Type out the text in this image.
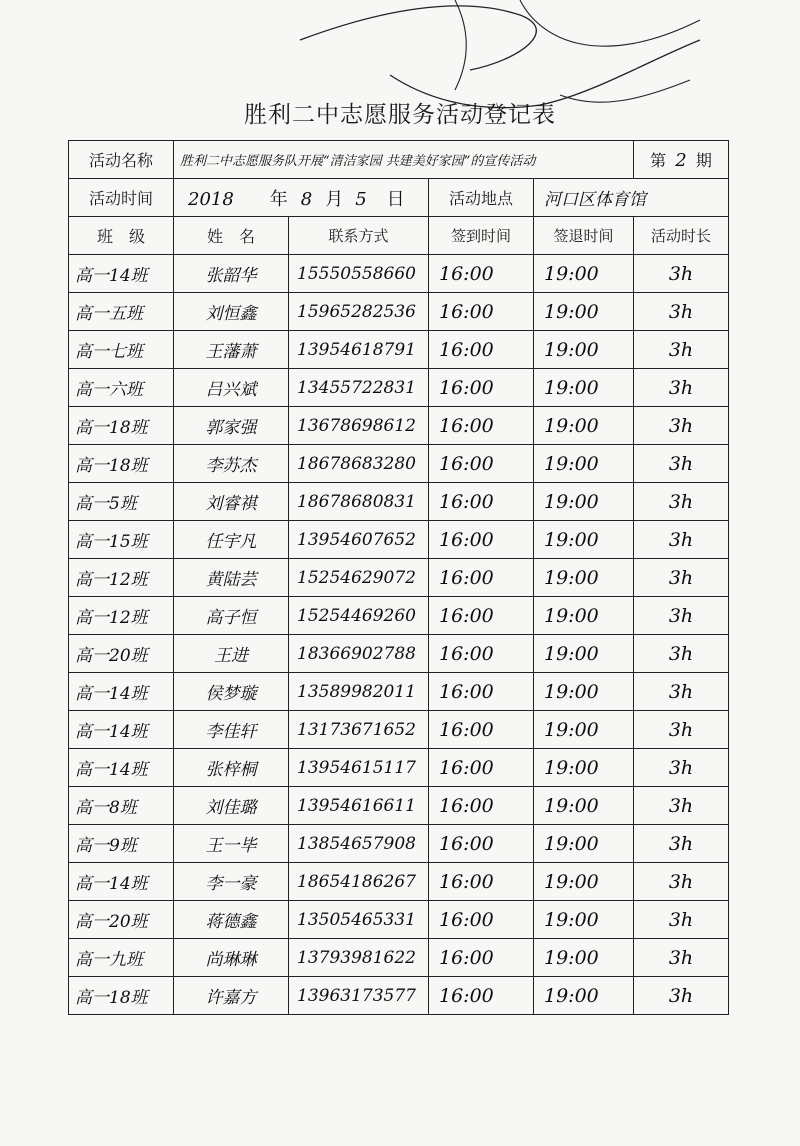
胜利二中志愿服务活动登记表
活动名称	胜利二中志愿服务队开展“清洁家园 共建美好家园”的宣传活动				第 2 期
活动时间	2018 年 8 月 5 日		活动地点	河口区体育馆	
班　级	姓　名	联系方式	签到时间	签退时间	活动时长
高一14班	张韶华	15550558660	16:00	19:00	3h
高一五班	刘恒鑫	15965282536	16:00	19:00	3h
高一七班	王藩萧	13954618791	16:00	19:00	3h
高一六班	吕兴斌	13455722831	16:00	19:00	3h
高一18班	郭家强	13678698612	16:00	19:00	3h
高一18班	李苏杰	18678683280	16:00	19:00	3h
高一5班	刘睿祺	18678680831	16:00	19:00	3h
高一15班	任宇凡	13954607652	16:00	19:00	3h
高一12班	黄陆芸	15254629072	16:00	19:00	3h
高一12班	高子恒	15254469260	16:00	19:00	3h
高一20班	王进	18366902788	16:00	19:00	3h
高一14班	侯梦璇	13589982011	16:00	19:00	3h
高一14班	李佳轩	13173671652	16:00	19:00	3h
高一14班	张梓桐	13954615117	16:00	19:00	3h
高一8班	刘佳璐	13954616611	16:00	19:00	3h
高一9班	王一毕	13854657908	16:00	19:00	3h
高一14班	李一豪	18654186267	16:00	19:00	3h
高一20班	蒋德鑫	13505465331	16:00	19:00	3h
高一九班	尚琳琳	13793981622	16:00	19:00	3h
高一18班	许嘉方	13963173577	16:00	19:00	3h
